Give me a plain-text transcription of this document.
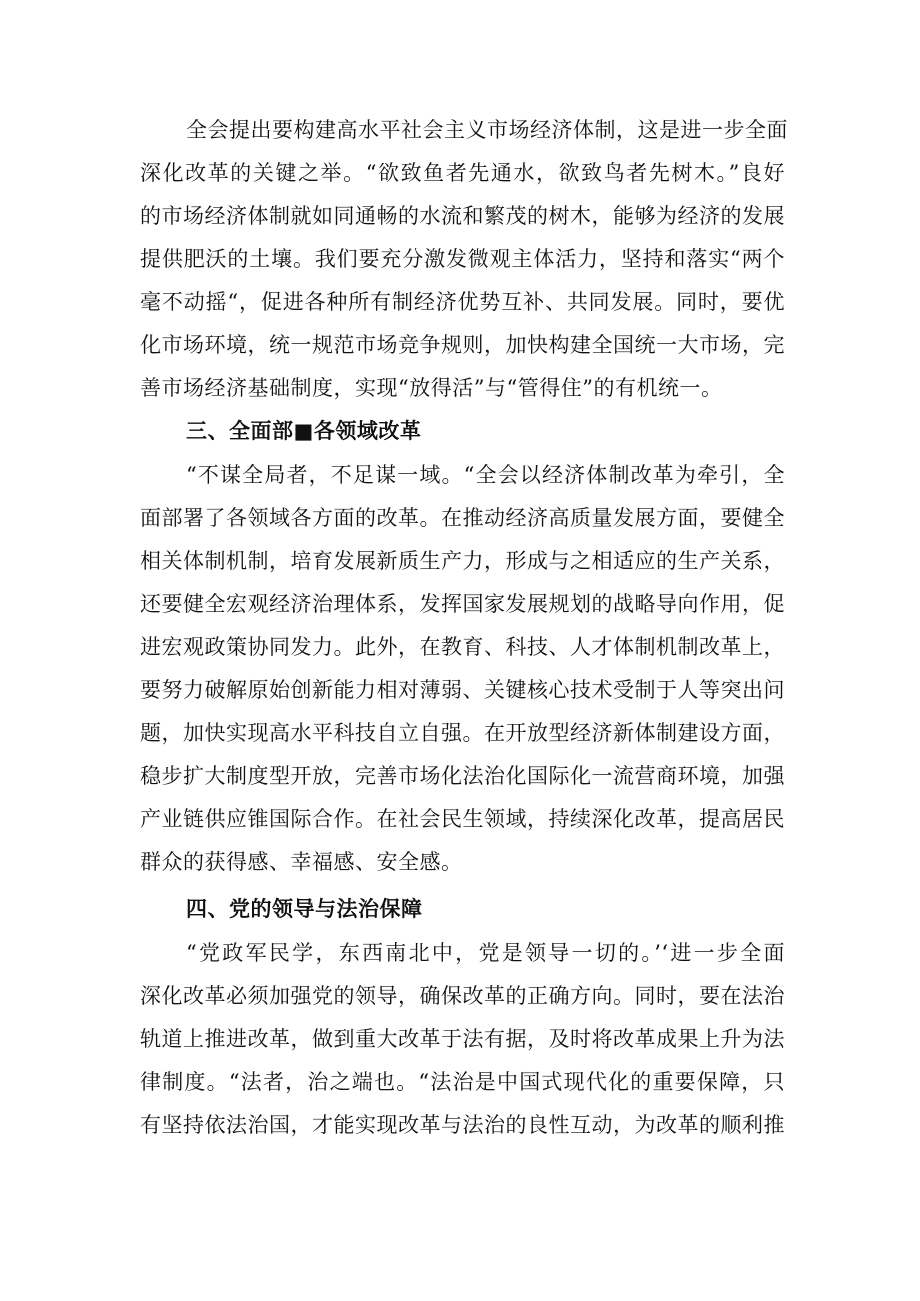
全会提出要构建高水平社会主义市场经济体制，这是进一步全面
深化改革的关键之举。“欲致鱼者先通水，欲致鸟者先树木。”良好
的市场经济体制就如同通畅的水流和繁茂的树木，能够为经济的发展
提供肥沃的土壤。我们要充分激发微观主体活力，坚持和落实“两个
毫不动摇“，促进各种所有制经济优势互补、共同发展。同时，要优
化市场环境，统一规范市场竞争规则，加快构建全国统一大市场，完
善市场经济基础制度，实现“放得活”与“管得住”的有机统一。
三、全面部■各领域改革
“不谋全局者，不足谋一域。“全会以经济体制改革为牵引，全
面部署了各领域各方面的改革。在推动经济高质量发展方面，要健全
相关体制机制，培育发展新质生产力，形成与之相适应的生产关系，
还要健全宏观经济治理体系，发挥国家发展规划的战略导向作用，促
进宏观政策协同发力。此外，在教育、科技、人才体制机制改革上，
要努力破解原始创新能力相对薄弱、关键核心技术受制于人等突出问
题，加快实现高水平科技自立自强。在开放型经济新体制建设方面，
稳步扩大制度型开放，完善市场化法治化国际化一流营商环境，加强
产业链供应锥国际合作。在社会民生领域，持续深化改革，提高居民
群众的获得感、幸福感、安全感。
四、党的领导与法治保障
“党政军民学，东西南北中，党是领导一切的。’‘进一步全面
深化改革必须加强党的领导，确保改革的正确方向。同时，要在法治
轨道上推进改革，做到重大改革于法有据，及时将改革成果上升为法
律制度。“法者，治之端也。“法治是中国式现代化的重要保障，只
有坚持依法治国，才能实现改革与法治的良性互动，为改革的顺利推
